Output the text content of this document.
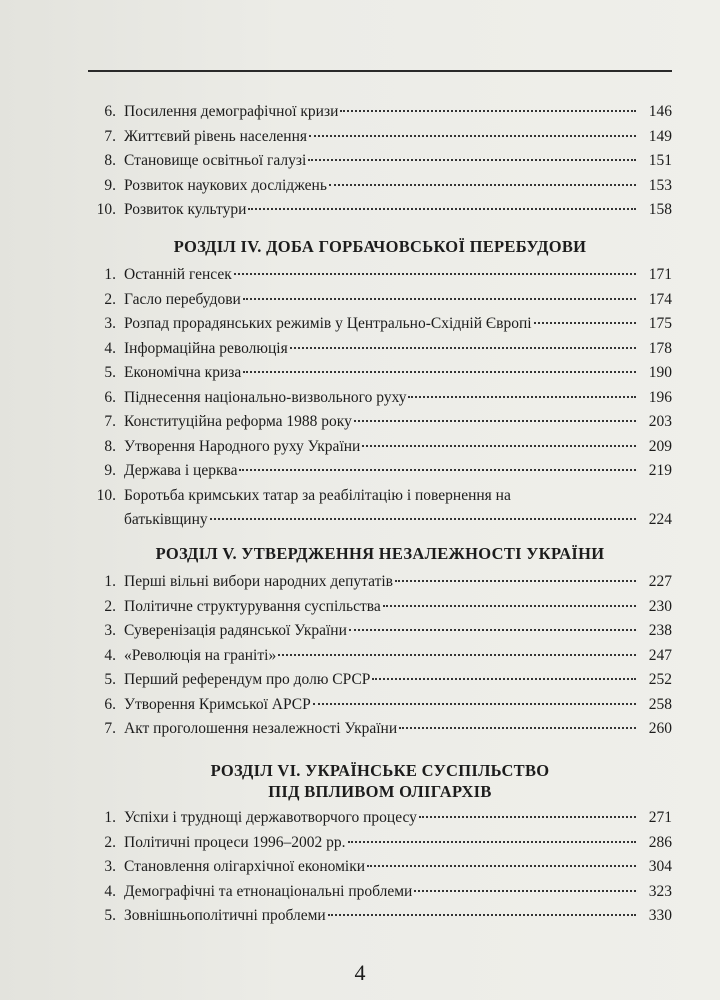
6. Посилення демографічної кризи	146
7. Життєвий рівень населення	149
8. Становище освітньої галузі	151
9. Розвиток наукових досліджень	153
10. Розвиток культури	158
РОЗДІЛ IV. ДОБА ГОРБАЧОВСЬКОЇ ПЕРЕБУДОВИ
1. Останній генсек	171
2. Гасло перебудови	174
3. Розпад прорадянських режимів у Центрально-Східній Європі	175
4. Інформаційна революція	178
5. Економічна криза	190
6. Піднесення національно-визвольного руху	196
7. Конституційна реформа 1988 року	203
8. Утворення Народного руху України	209
9. Держава і церква	219
10. Боротьба кримських татар за реабілітацію і повернення на
батьківщину	224
РОЗДІЛ V. УТВЕРДЖЕННЯ НЕЗАЛЕЖНОСТІ УКРАЇНИ
1. Перші вільні вибори народних депутатів	227
2. Політичне структурування суспільства	230
3. Суверенізація радянської України	238
4. «Революція на граніті»	247
5. Перший референдум про долю СРСР	252
6. Утворення Кримської АРСР	258
7. Акт проголошення незалежності України	260
РОЗДІЛ VI. УКРАЇНСЬКЕ СУСПІЛЬСТВО
ПІД ВПЛИВОМ ОЛІГАРХІВ
1. Успіхи і труднощі державотворчого процесу	271
2. Політичні процеси 1996–2002 рр.	286
3. Становлення олігархічної економіки	304
4. Демографічні та етнонаціональні проблеми	323
5. Зовнішньополітичні проблеми	330
4
